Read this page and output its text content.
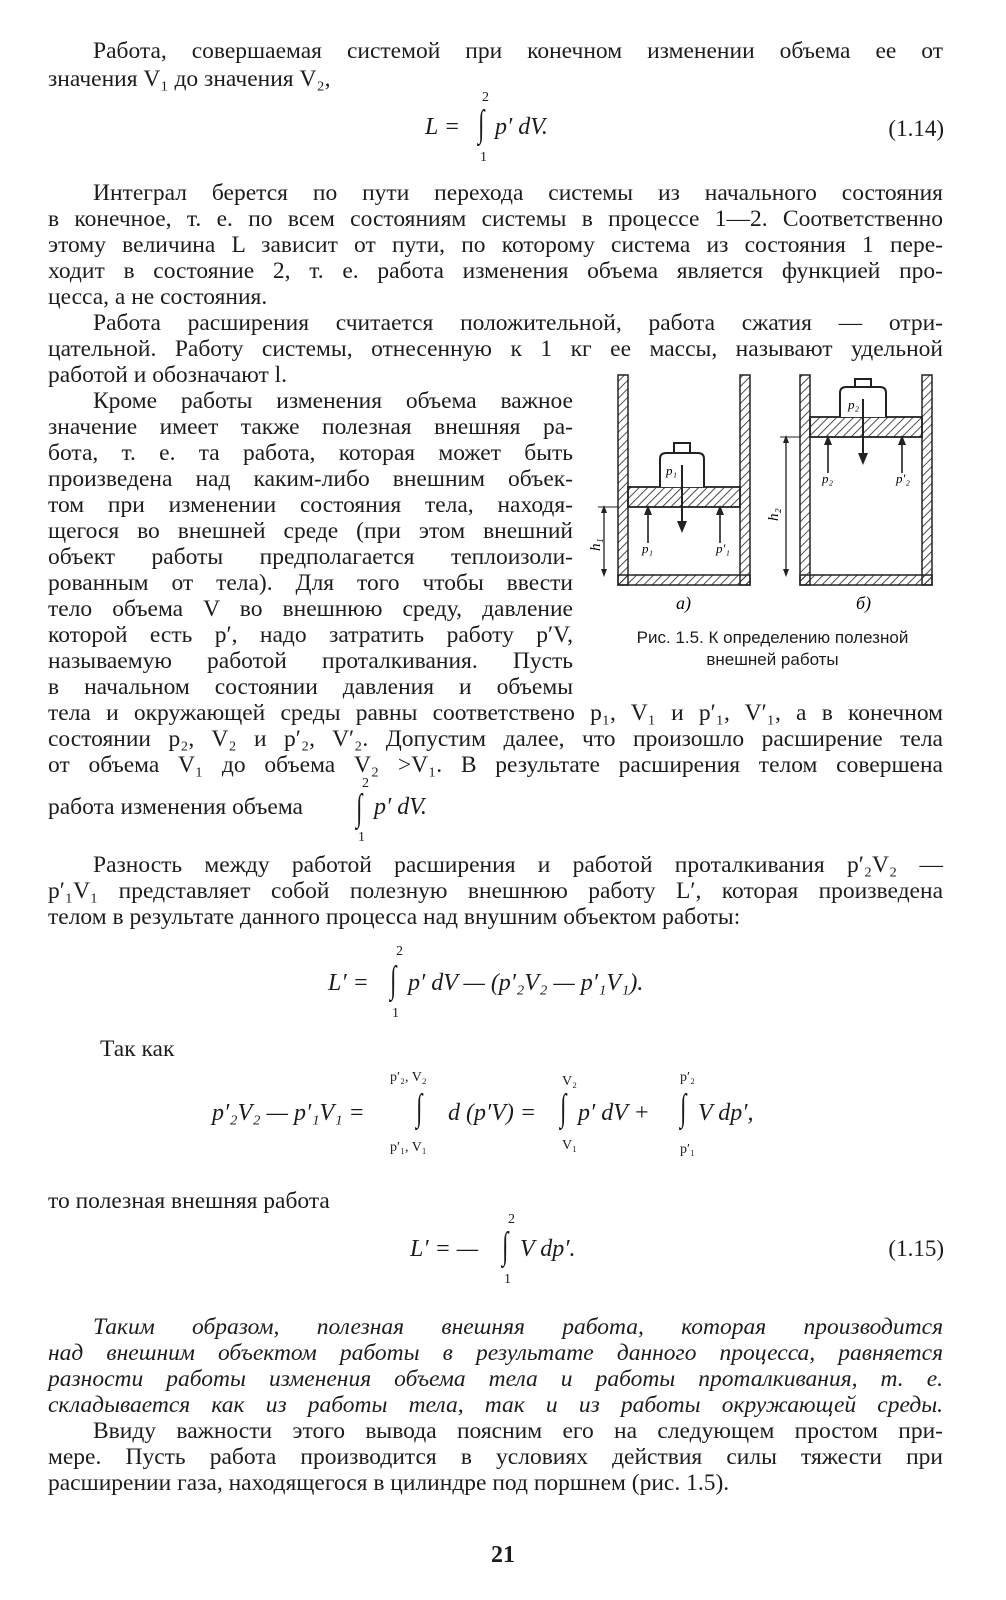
Работа, совершаемая системой при конечном изменении объема ее от
значения V₁ до значения V₂,
L =
2
∫
1
p′ dV.	(1.14)
Интеграл берется по пути перехода системы из начального состояния
в конечное, т. е. по всем состояниям системы в процессе 1—2. Соответственно
этому величина L зависит от пути, по которому система из состояния 1 пере-
ходит в состояние 2, т. е. работа изменения объема является функцией про-
цесса, а не состояния.
Работа расширения считается положительной, работа сжатия — отри-
цательной. Работу системы, отнесенную к 1 кг ее массы, называют удельной
работой и обозначают l.
Кроме работы изменения объема важное
значение имеет также полезная внешняя ра-
бота, т. е. та работа, которая может быть
произведена над каким-либо внешним объек-
том при изменении состояния тела, находя-
щегося во внешней среде (при этом внешний
объект работы предполагается теплоизоли-
рованным от тела). Для того чтобы ввести
тело объема V во внешнюю среду, давление
которой есть p′, надо затратить работу p′V,
называемую работой проталкивания. Пусть
в начальном состоянии давления и объемы
h₁
h₂
p₁
p₁	p′₁
p₂
p₂	p′₂
а)	б)
Рис. 1.5. К определению полезной
внешней работы
тела и окружающей среды равны соответствено p₁, V₁ и p′₁, V′₁, а в конечном
состоянии p₂, V₂ и p′₂, V′₂. Допустим далее, что произошло расширение тела
от объема V₁ до объема V₂ >V₁. В результате расширения телом совершена
работа изменения объема
2
∫
1
p′ dV.
Разность между работой расширения и работой проталкивания p′₂V₂ —
p′₁V₁ представляет собой полезную внешнюю работу L′, которая произведена
телом в результате данного процесса над внушним объектом работы:
L′ =
2
∫
1
p′ dV — (p′₂V₂ — p′₁V₁).
Так как
p′₂V₂ — p′₁V₁ =
p′₂, V₂
∫
p′₁, V₁
d (p′V) =
V₂
∫
V₁
p′ dV +
p′₂
∫
p′₁
V dp′,
то полезная внешняя работа
L′ = —
2
∫
1
V dp′.	(1.15)
Таким образом, полезная внешняя работа, которая производится
над внешним объектом работы в результате данного процесса, равняется
разности работы изменения объема тела и работы проталкивания, т. е.
складывается как из работы тела, так и из работы окружающей среды.
Ввиду важности этого вывода поясним его на следующем простом при-
мере. Пусть работа производится в условиях действия силы тяжести при
расширении газа, находящегося в цилиндре под поршнем (рис. 1.5).
21
